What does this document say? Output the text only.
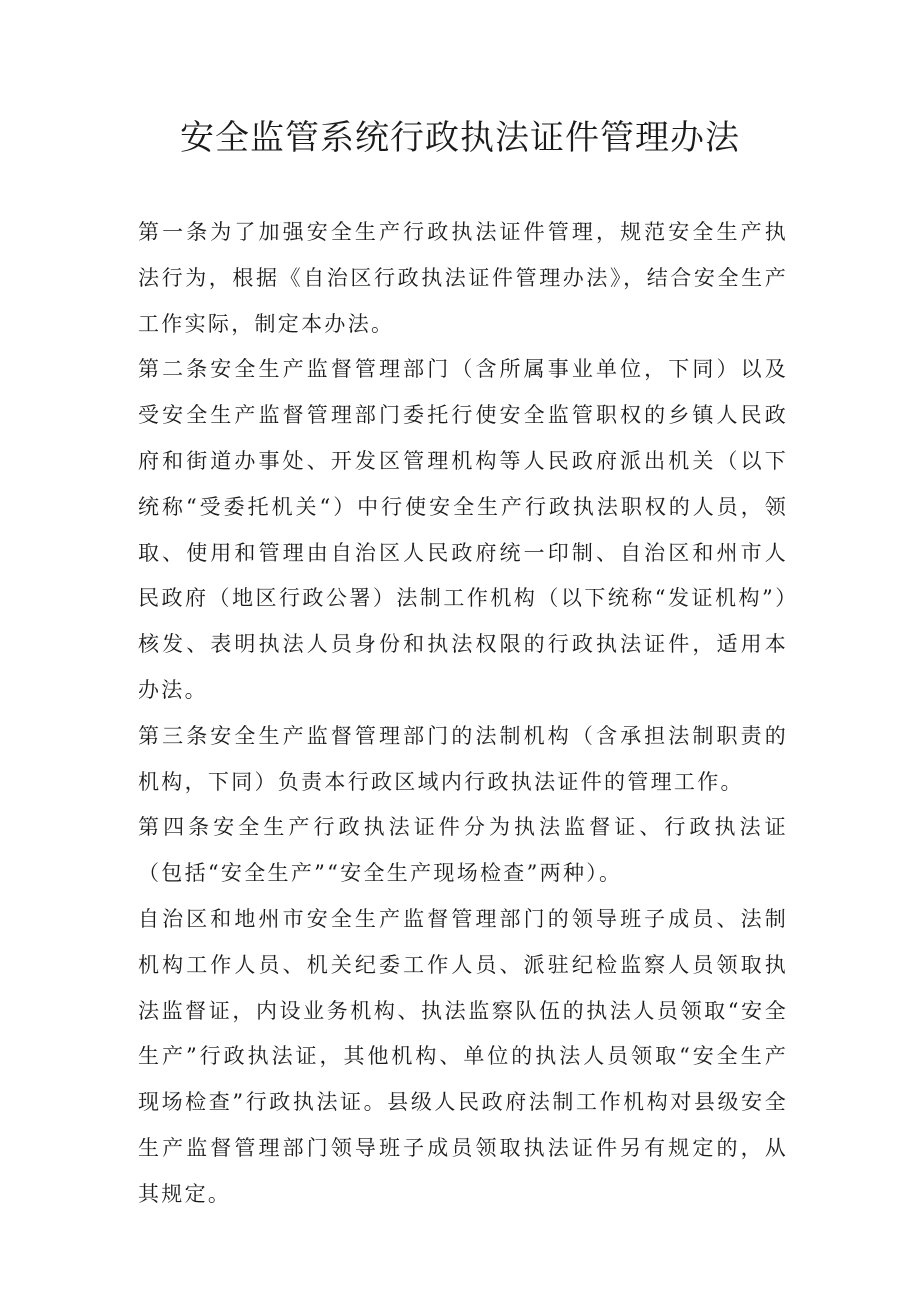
安全监管系统行政执法证件管理办法

第一条为了加强安全生产行政执法证件管理，规范安全生产执法行为，根据《自治区行政执法证件管理办法》，结合安全生产工作实际，制定本办法。

第二条安全生产监督管理部门（含所属事业单位，下同）以及受安全生产监督管理部门委托行使安全监管职权的乡镇人民政府和街道办事处、开发区管理机构等人民政府派出机关（以下统称“受委托机关“）中行使安全生产行政执法职权的人员，领取、使用和管理由自治区人民政府统一印制、自治区和州市人民政府（地区行政公署）法制工作机构（以下统称“发证机构”）核发、表明执法人员身份和执法权限的行政执法证件，适用本办法。

第三条安全生产监督管理部门的法制机构（含承担法制职责的机构，下同）负责本行政区域内行政执法证件的管理工作。

第四条安全生产行政执法证件分为执法监督证、行政执法证（包括“安全生产”“安全生产现场检查”两种）。

自治区和地州市安全生产监督管理部门的领导班子成员、法制机构工作人员、机关纪委工作人员、派驻纪检监察人员领取执法监督证，内设业务机构、执法监察队伍的执法人员领取“安全生产”行政执法证，其他机构、单位的执法人员领取“安全生产现场检查”行政执法证。县级人民政府法制工作机构对县级安全生产监督管理部门领导班子成员领取执法证件另有规定的，从其规定。
